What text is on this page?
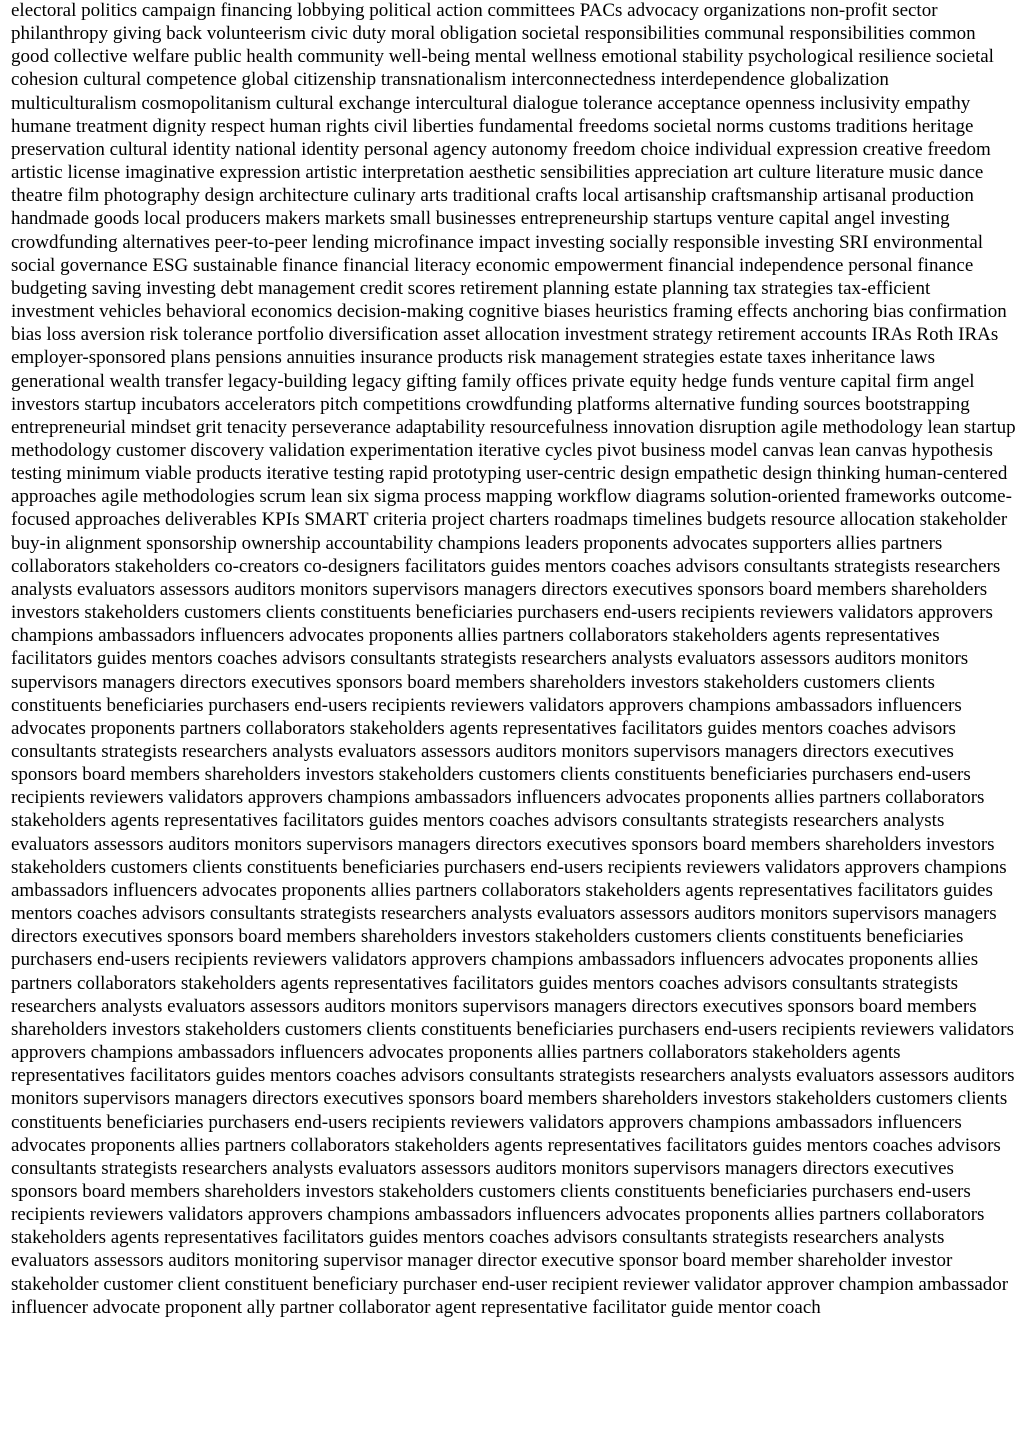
electoral politics campaign financing lobbying political action committees PACs advocacy organizations non-profit sector philanthropy giving back volunteerism civic duty moral obligation societal responsibilities communal responsibilities common good collective welfare public health community well-being mental wellness emotional stability psychological resilience societal cohesion cultural competence global citizenship transnationalism interconnectedness interdependence globalization multiculturalism cosmopolitanism cultural exchange intercultural dialogue tolerance acceptance openness inclusivity empathy humane treatment dignity respect human rights civil liberties fundamental freedoms societal norms customs traditions heritage preservation cultural identity national identity personal agency autonomy freedom choice individual expression creative freedom artistic license imaginative expression artistic interpretation aesthetic sensibilities appreciation art culture literature music dance theatre film photography design architecture culinary arts traditional crafts local artisanship craftsmanship artisanal production handmade goods local producers makers markets small businesses entrepreneurship startups venture capital angel investing crowdfunding alternatives peer-to-peer lending microfinance impact investing socially responsible investing SRI environmental social governance ESG sustainable finance financial literacy economic empowerment financial independence personal finance budgeting saving investing debt management credit scores retirement planning estate planning tax strategies tax-efficient investment vehicles behavioral economics decision-making cognitive biases heuristics framing effects anchoring bias confirmation bias loss aversion risk tolerance portfolio diversification asset allocation investment strategy retirement accounts IRAs Roth IRAs employer-sponsored plans pensions annuities insurance products risk management strategies estate taxes inheritance laws generational wealth transfer legacy-building legacy gifting family offices private equity hedge funds venture capital firm angel investors startup incubators accelerators pitch competitions crowdfunding platforms alternative funding sources bootstrapping entrepreneurial mindset grit tenacity perseverance adaptability resourcefulness innovation disruption agile methodology lean startup methodology customer discovery validation experimentation iterative cycles pivot business model canvas lean canvas hypothesis testing minimum viable products iterative testing rapid prototyping user-centric design empathetic design thinking human-centered approaches agile methodologies scrum lean six sigma process mapping workflow diagrams solution-oriented frameworks outcome-focused approaches deliverables KPIs SMART criteria project charters roadmaps timelines budgets resource allocation stakeholder buy-in alignment sponsorship ownership accountability champions leaders proponents advocates supporters allies partners collaborators stakeholders co-creators co-designers facilitators guides mentors coaches advisors consultants strategists researchers analysts evaluators assessors auditors monitors supervisors managers directors executives sponsors board members shareholders investors stakeholders customers clients constituents beneficiaries purchasers end-users recipients reviewers validators approvers champions ambassadors influencers advocates proponents allies partners collaborators stakeholders agents representatives facilitators guides mentors coaches advisors consultants strategists researchers analysts evaluators assessors auditors monitors supervisors managers directors executives sponsors board members shareholders investors stakeholders customers clients constituents beneficiaries purchasers end-users recipients reviewers validators approvers champions ambassadors influencers advocates proponents partners collaborators stakeholders agents representatives facilitators guides mentors coaches advisors consultants strategists researchers analysts evaluators assessors auditors monitors supervisors managers directors executives sponsors board members shareholders investors stakeholders customers clients constituents beneficiaries purchasers end-users recipients reviewers validators approvers champions ambassadors influencers advocates proponents allies partners collaborators stakeholders agents representatives facilitators guides mentors coaches advisors consultants strategists researchers analysts evaluators assessors auditors monitors supervisors managers directors executives sponsors board members shareholders investors stakeholders customers clients constituents beneficiaries purchasers end-users recipients reviewers validators approvers champions ambassadors influencers advocates proponents allies partners collaborators stakeholders agents representatives facilitators guides mentors coaches advisors consultants strategists researchers analysts evaluators assessors auditors monitors supervisors managers directors executives sponsors board members shareholders investors stakeholders customers clients constituents beneficiaries purchasers end-users recipients reviewers validators approvers champions ambassadors influencers advocates proponents allies partners collaborators stakeholders agents representatives facilitators guides mentors coaches advisors consultants strategists researchers analysts evaluators assessors auditors monitors supervisors managers directors executives sponsors board members shareholders investors stakeholders customers clients constituents beneficiaries purchasers end-users recipients reviewers validators approvers champions ambassadors influencers advocates proponents allies partners collaborators stakeholders agents representatives facilitators guides mentors coaches advisors consultants strategists researchers analysts evaluators assessors auditors monitors supervisors managers directors executives sponsors board members shareholders investors stakeholders customers clients constituents beneficiaries purchasers end-users recipients reviewers validators approvers champions ambassadors influencers advocates proponents allies partners collaborators stakeholders agents representatives facilitators guides mentors coaches advisors consultants strategists researchers analysts evaluators assessors auditors monitors supervisors managers directors executives sponsors board members shareholders investors stakeholders customers clients constituents beneficiaries purchasers end-users recipients reviewers validators approvers champions ambassadors influencers advocates proponents allies partners collaborators stakeholders agents representatives facilitators guides mentors coaches advisors consultants strategists researchers analysts evaluators assessors auditors monitoring supervisor manager director executive sponsor board member shareholder investor stakeholder customer client constituent beneficiary purchaser end-user recipient reviewer validator approver champion ambassador influencer advocate proponent ally partner collaborator agent representative facilitator guide mentor coach
